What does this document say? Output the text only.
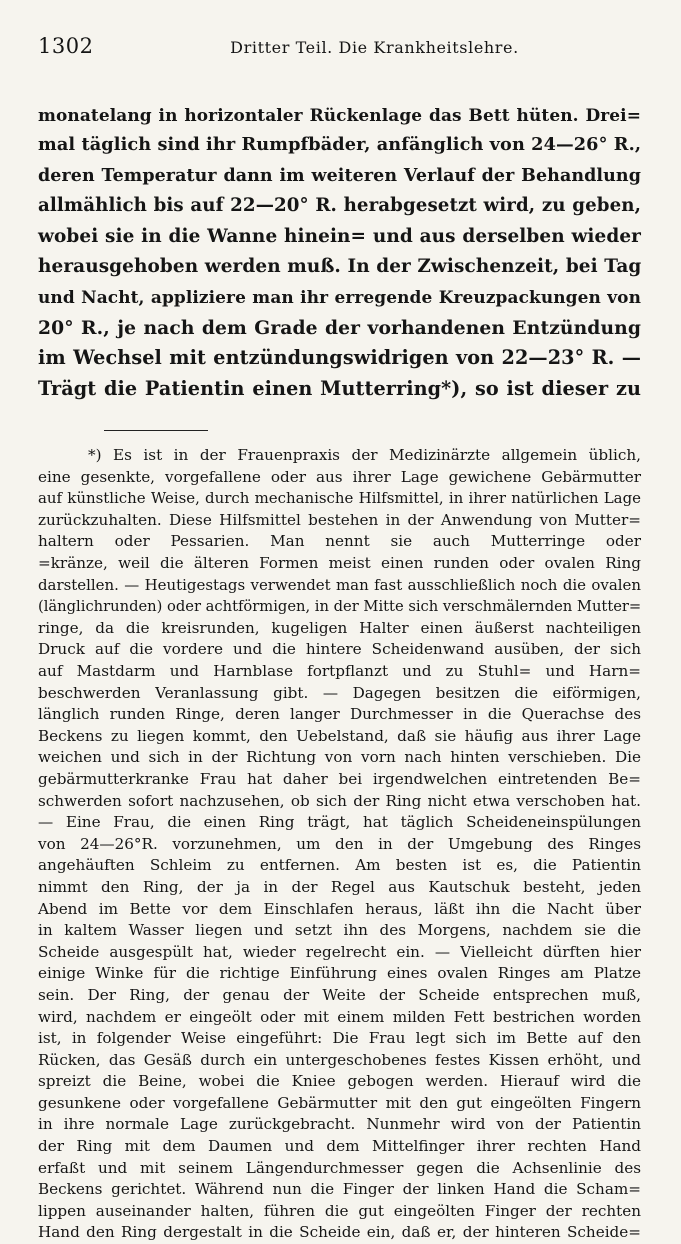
1302	Dritter Teil. Die Krankheitslehre.
monatelang in horizontaler Rückenlage das Bett hüten. Drei=
mal täglich sind ihr Rumpfbäder, anfänglich von 24—26° R.,
deren Temperatur dann im weiteren Verlauf der Behandlung
allmählich bis auf 22—20° R. herabgesetzt wird, zu geben,
wobei sie in die Wanne hinein= und aus derselben wieder
herausgehoben werden muß. In der Zwischenzeit, bei Tag
und Nacht, appliziere man ihr erregende Kreuzpackungen von
20° R., je nach dem Grade der vorhandenen Entzündung
im Wechsel mit entzündungswidrigen von 22—23° R. —
Trägt die Patientin einen Mutterring*), so ist dieser zu
*) Es ist in der Frauenpraxis der Medizinärzte allgemein üblich,
eine gesenkte, vorgefallene oder aus ihrer Lage gewichene Gebärmutter
auf künstliche Weise, durch mechanische Hilfsmittel, in ihrer natürlichen Lage
zurückzuhalten. Diese Hilfsmittel bestehen in der Anwendung von Mutter=
haltern oder Pessarien. Man nennt sie auch Mutterringe oder
=kränze, weil die älteren Formen meist einen runden oder ovalen Ring
darstellen. — Heutigestags verwendet man fast ausschließlich noch die ovalen
(länglichrunden) oder achtförmigen, in der Mitte sich verschmälernden Mutter=
ringe, da die kreisrunden, kugeligen Halter einen äußerst nachteiligen
Druck auf die vordere und die hintere Scheidenwand ausüben, der sich
auf Mastdarm und Harnblase fortpflanzt und zu Stuhl= und Harn=
beschwerden Veranlassung gibt. — Dagegen besitzen die eiförmigen,
länglich runden Ringe, deren langer Durchmesser in die Querachse des
Beckens zu liegen kommt, den Uebelstand, daß sie häufig aus ihrer Lage
weichen und sich in der Richtung von vorn nach hinten verschieben. Die
gebärmutterkranke Frau hat daher bei irgendwelchen eintretenden Be=
schwerden sofort nachzusehen, ob sich der Ring nicht etwa verschoben hat.
— Eine Frau, die einen Ring trägt, hat täglich Scheideneinspülungen
von 24—26°R. vorzunehmen, um den in der Umgebung des Ringes
angehäuften Schleim zu entfernen. Am besten ist es, die Patientin
nimmt den Ring, der ja in der Regel aus Kautschuk besteht, jeden
Abend im Bette vor dem Einschlafen heraus, läßt ihn die Nacht über
in kaltem Wasser liegen und setzt ihn des Morgens, nachdem sie die
Scheide ausgespült hat, wieder regelrecht ein. — Vielleicht dürften hier
einige Winke für die richtige Einführung eines ovalen Ringes am Platze
sein. Der Ring, der genau der Weite der Scheide entsprechen muß,
wird, nachdem er eingeölt oder mit einem milden Fett bestrichen worden
ist, in folgender Weise eingeführt: Die Frau legt sich im Bette auf den
Rücken, das Gesäß durch ein untergeschobenes festes Kissen erhöht, und
spreizt die Beine, wobei die Kniee gebogen werden. Hierauf wird die
gesunkene oder vorgefallene Gebärmutter mit den gut eingeölten Fingern
in ihre normale Lage zurückgebracht. Nunmehr wird von der Patientin
der Ring mit dem Daumen und dem Mittelfinger ihrer rechten Hand
erfaßt und mit seinem Längendurchmesser gegen die Achsenlinie des
Beckens gerichtet. Während nun die Finger der linken Hand die Scham=
lippen auseinander halten, führen die gut eingeölten Finger der rechten
Hand den Ring dergestalt in die Scheide ein, daß er, der hinteren Scheide=
